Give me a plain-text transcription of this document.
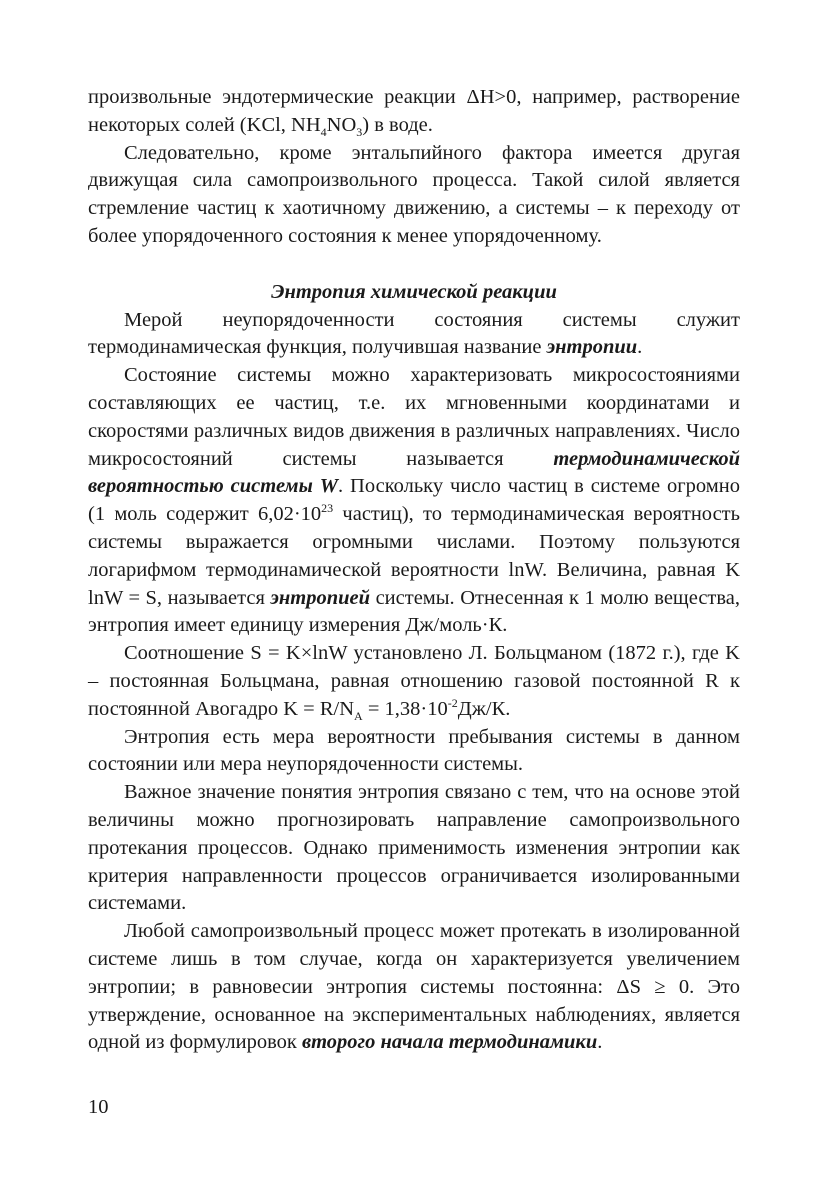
произвольные эндотермические реакции ΔH>0, например, растворение некоторых солей (KCl, $NH_4NO_3$) в воде.

Следовательно, кроме энтальпийного фактора имеется другая движущая сила самопроизвольного процесса. Такой силой является стремление частиц к хаотичному движению, а системы – к переходу от более упорядоченного состояния к менее упорядоченному.

Энтропия химической реакции

Мерой неупорядоченности состояния системы служит термодинамическая функция, получившая название энтропии.

Состояние системы можно характеризовать микросостояниями составляющих ее частиц, т.е. их мгновенными координатами и скоростями различных видов движения в различных направлениях. Число микросостояний системы называется термодинамической вероятностью системы W. Поскольку число частиц в системе огромно (1 моль содержит $6,02\cdot 10^{23}$ частиц), то термодинамическая вероятность системы выражается огромными числами. Поэтому пользуются логарифмом термодинамической вероятности lnW. Величина, равная K lnW = S, называется энтропией системы. Отнесенная к 1 молю вещества, энтропия имеет единицу измерения Дж/моль·К.

Соотношение S = K×lnW установлено Л. Больцманом (1872 г.), где K – постоянная Больцмана, равная отношению газовой постоянной R к постоянной Авогадро $K = R/N_A = 1,38\cdot 10^{-2}Дж/К$.

Энтропия есть мера вероятности пребывания системы в данном состоянии или мера неупорядоченности системы.

Важное значение понятия энтропия связано с тем, что на основе этой величины можно прогнозировать направление самопроизвольного протекания процессов. Однако применимость изменения энтропии как критерия направленности процессов ограничивается изолированными системами.

Любой самопроизвольный процесс может протекать в изолированной системе лишь в том случае, когда он характеризуется увеличением энтропии; в равновесии энтропия системы постоянна: ΔS ≥ 0. Это утверждение, основанное на экспериментальных наблюдениях, является одной из формулировок второго начала термодинамики.

10
